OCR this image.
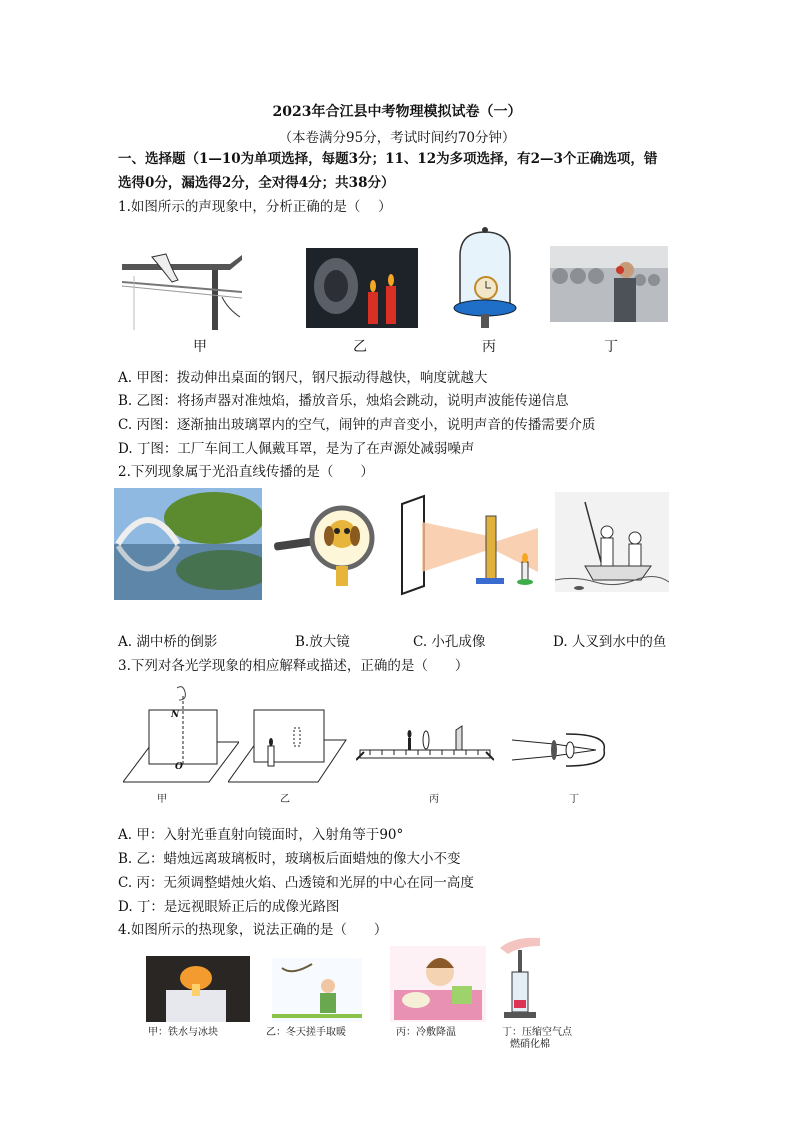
2023年合江县中考物理模拟试卷（一）
（本卷满分95分，考试时间约70分钟）
一、选择题（1—10为单项选择，每题3分；11、12为多项选择，有2—3个正确选项，错
选得0分，漏选得2分，全对得4分；共38分）
1.如图所示的声现象中，分析正确的是（　 ）
甲	乙	丙	丁
A. 甲图：拨动伸出桌面的钢尺，钢尺振动得越快，响度就越大
B. 乙图：将扬声器对准烛焰，播放音乐，烛焰会跳动，说明声波能传递信息
C. 丙图：逐渐抽出玻璃罩内的空气，闹钟的声音变小，说明声音的传播需要介质
D. 丁图：工厂车间工人佩戴耳罩，是为了在声源处减弱噪声
2.下列现象属于光沿直线传播的是（　　）
A. 湖中桥的倒影	B.放大镜	C. 小孔成像	D. 人叉到水中的鱼
3.下列对各光学现象的相应解释或描述，正确的是（　　）
N
O
甲	乙	丙	丁
A. 甲：入射光垂直射向镜面时，入射角等于90°
B. 乙：蜡烛远离玻璃板时，玻璃板后面蜡烛的像大小不变
C. 丙：无须调整蜡烛火焰、凸透镜和光屏的中心在同一高度
D. 丁：是远视眼矫正后的成像光路图
4.如图所示的热现象，说法正确的是（　　）
甲：铁水与冰块	乙：冬天搓手取暖	丙：冷敷降温	丁：压缩空气点
燃硝化棉
